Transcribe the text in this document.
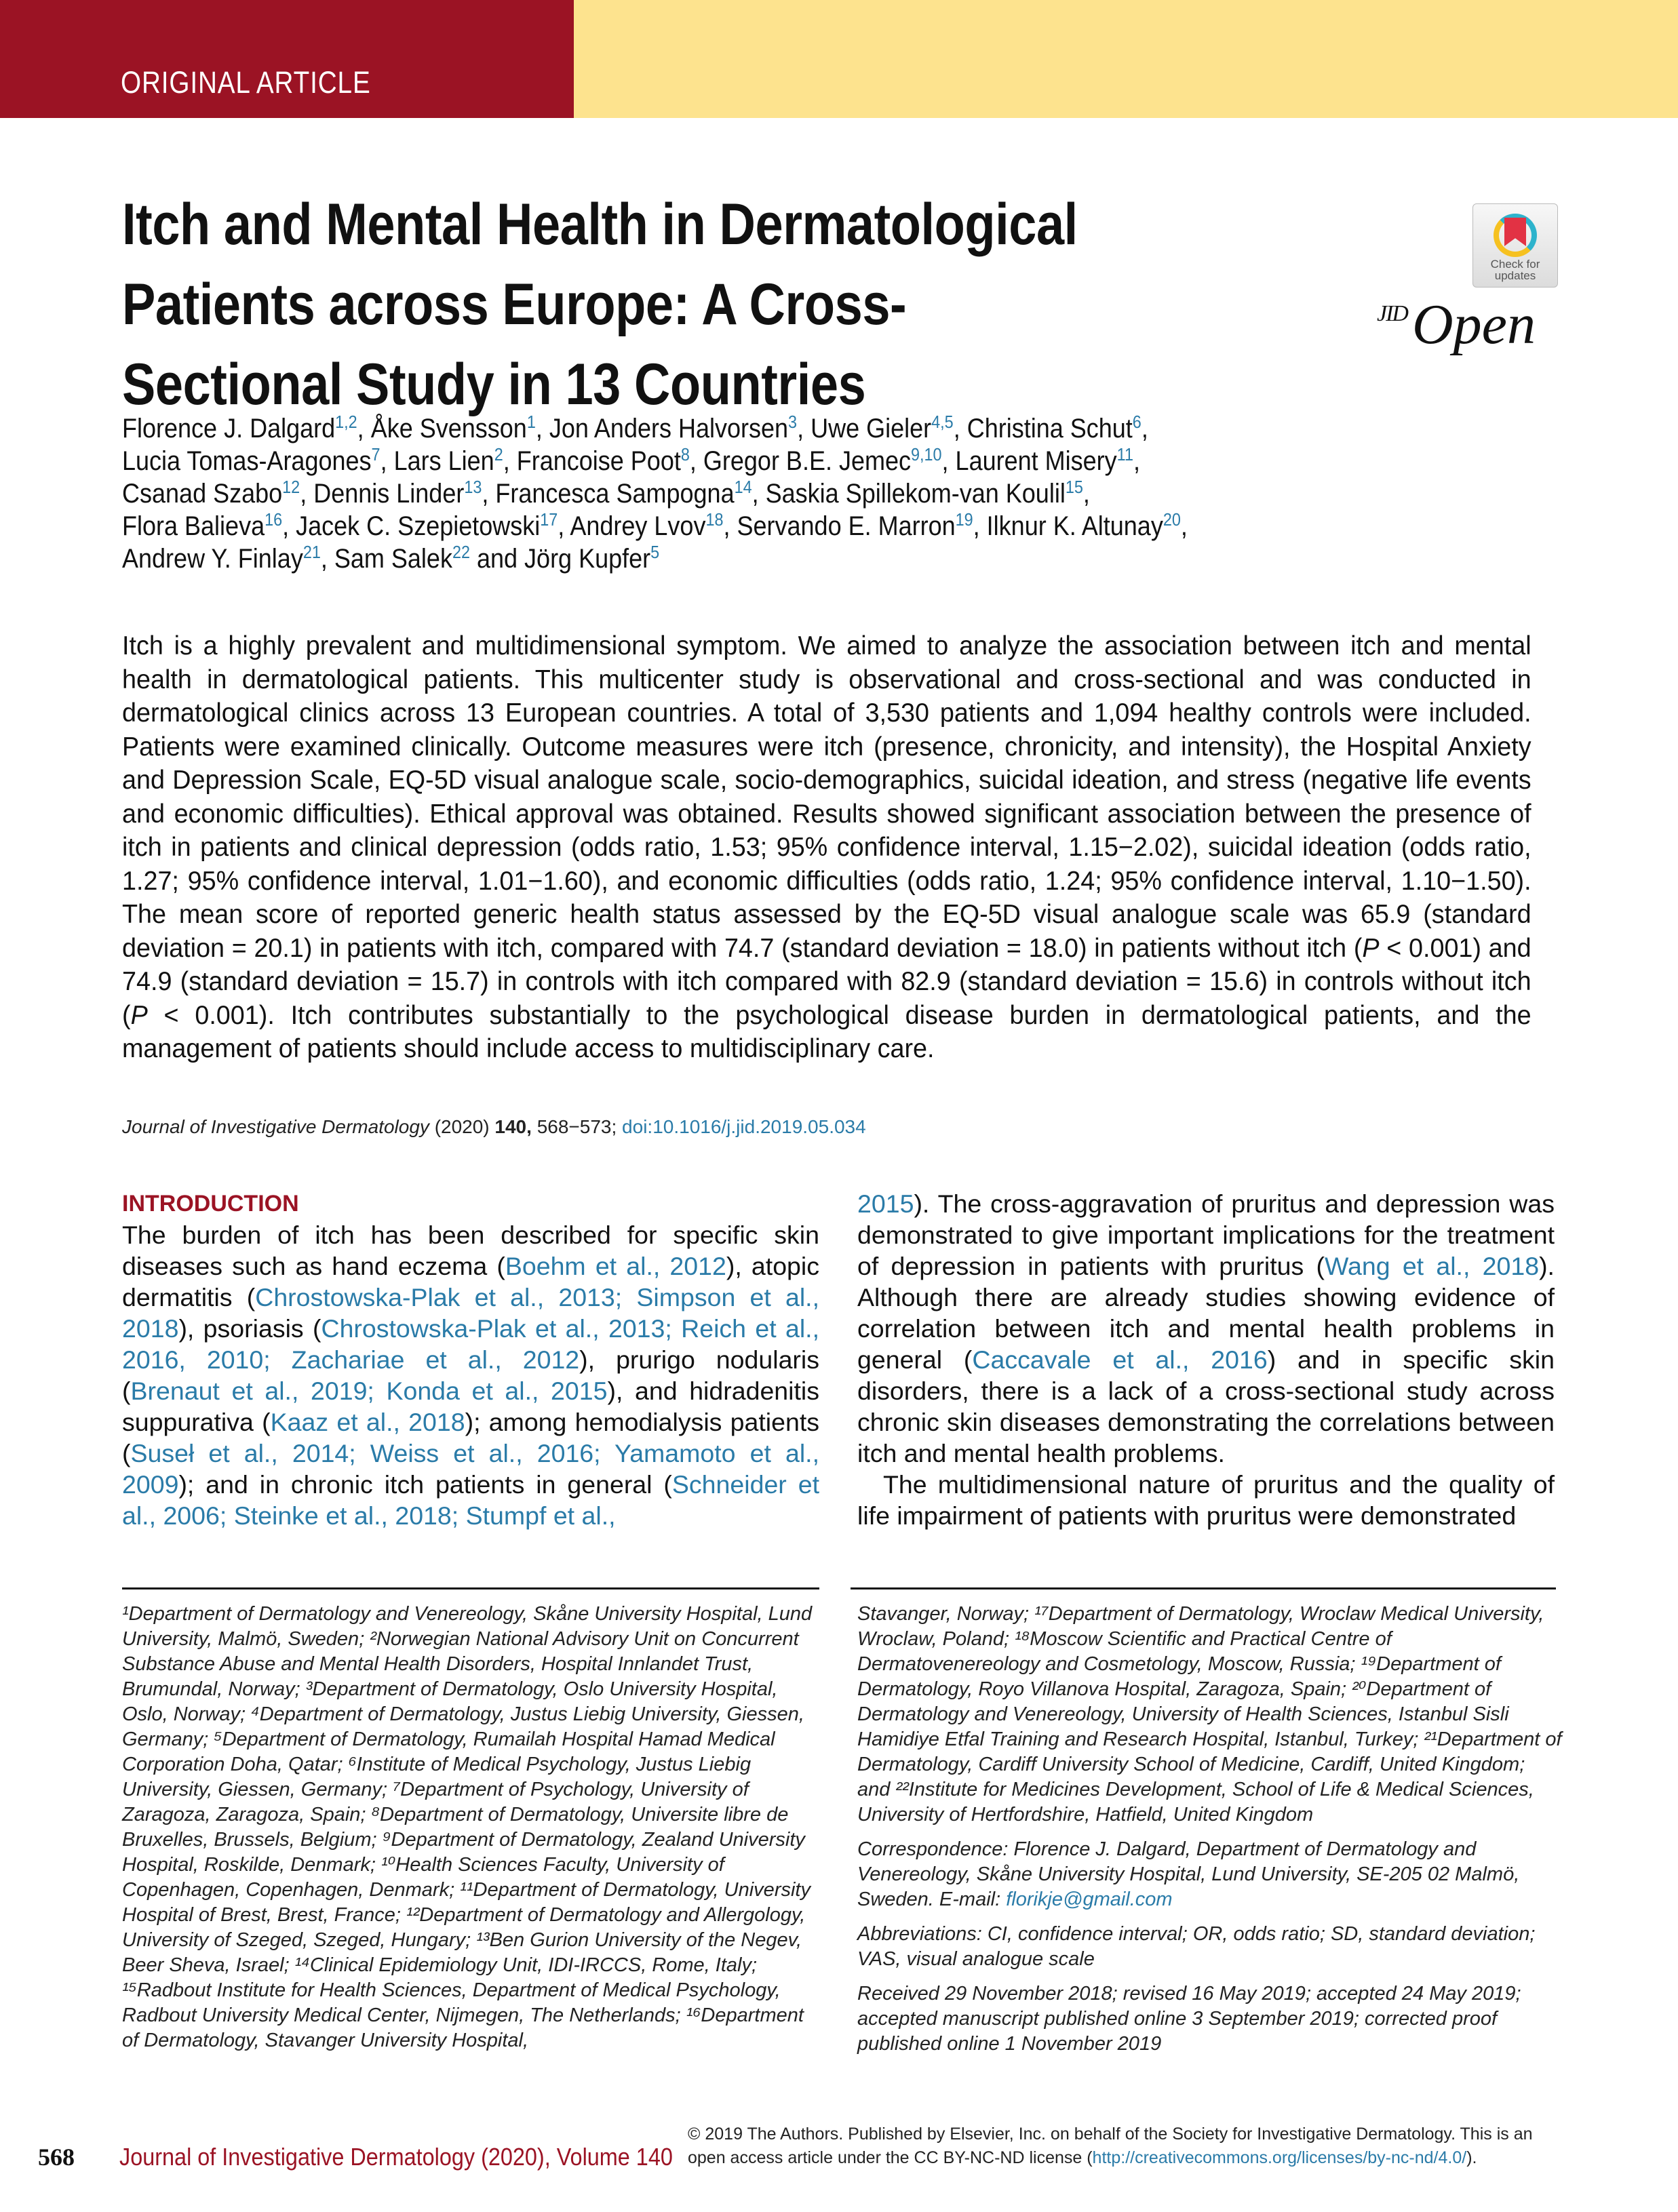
ORIGINAL ARTICLE
Itch and Mental Health in Dermatological Patients across Europe: A Cross-Sectional Study in 13 Countries
Check for
updates
JID Open
Florence J. Dalgard$^{1,2}$, Åke Svensson$^1$, Jon Anders Halvorsen$^3$, Uwe Gieler$^{4,5}$, Christina Schut$^6$,
Lucia Tomas-Aragones$^7$, Lars Lien$^2$, Francoise Poot$^8$, Gregor B.E. Jemec$^{9,10}$, Laurent Misery$^{11}$,
Csanad Szabo$^{12}$, Dennis Linder$^{13}$, Francesca Sampogna$^{14}$, Saskia Spillekom-van Koulil$^{15}$,
Flora Balieva$^{16}$, Jacek C. Szepietowski$^{17}$, Andrey Lvov$^{18}$, Servando E. Marron$^{19}$, Ilknur K. Altunay$^{20}$,
Andrew Y. Finlay$^{21}$, Sam Salek$^{22}$ and Jörg Kupfer$^5$

Itch is a highly prevalent and multidimensional symptom. We aimed to analyze the association between itch and mental health in dermatological patients. This multicenter study is observational and cross-sectional and was conducted in dermatological clinics across 13 European countries. A total of 3,530 patients and 1,094 healthy controls were included. Patients were examined clinically. Outcome measures were itch (presence, chronicity, and intensity), the Hospital Anxiety and Depression Scale, EQ-5D visual analogue scale, socio-demographics, suicidal ideation, and stress (negative life events and economic difficulties). Ethical approval was obtained. Results showed significant association between the presence of itch in patients and clinical depression (odds ratio, 1.53; 95% confidence interval, 1.15−2.02), suicidal ideation (odds ratio, 1.27; 95% confidence interval, 1.01−1.60), and economic difficulties (odds ratio, 1.24; 95% confidence interval, 1.10−1.50). The mean score of reported generic health status assessed by the EQ-5D visual analogue scale was 65.9 (standard deviation = 20.1) in patients with itch, compared with 74.7 (standard deviation = 18.0) in patients without itch (P < 0.001) and 74.9 (standard deviation = 15.7) in controls with itch compared with 82.9 (standard deviation = 15.6) in controls without itch (P < 0.001). Itch contributes substantially to the psychological disease burden in dermatological patients, and the management of patients should include access to multidisciplinary care.

Journal of Investigative Dermatology (2020) 140, 568−573; doi:10.1016/j.jid.2019.05.034
INTRODUCTION

The burden of itch has been described for specific skin diseases such as hand eczema (Boehm et al., 2012), atopic dermatitis (Chrostowska-Plak et al., 2013; Simpson et al., 2018), psoriasis (Chrostowska-Plak et al., 2013; Reich et al., 2016, 2010; Zachariae et al., 2012), prurigo nodularis (Brenaut et al., 2019; Konda et al., 2015), and hidradenitis suppurativa (Kaaz et al., 2018); among hemodialysis patients (Suseł et al., 2014; Weiss et al., 2016; Yamamoto et al., 2009); and in chronic itch patients in general (Schneider et al., 2006; Steinke et al., 2018; Stumpf et al.,

2015). The cross-aggravation of pruritus and depression was demonstrated to give important implications for the treatment of depression in patients with pruritus (Wang et al., 2018). Although there are already studies showing evidence of correlation between itch and mental health problems in general (Caccavale et al., 2016) and in specific skin disorders, there is a lack of a cross-sectional study across chronic skin diseases demonstrating the correlations between itch and mental health problems.

The multidimensional nature of pruritus and the quality of life impairment of patients with pruritus were demonstrated

¹Department of Dermatology and Venereology, Skåne University Hospital, Lund University, Malmö, Sweden; ²Norwegian National Advisory Unit on Concurrent Substance Abuse and Mental Health Disorders, Hospital Innlandet Trust, Brumundal, Norway; ³Department of Dermatology, Oslo University Hospital, Oslo, Norway; ⁴Department of Dermatology, Justus Liebig University, Giessen, Germany; ⁵Department of Dermatology, Rumailah Hospital Hamad Medical Corporation Doha, Qatar; ⁶Institute of Medical Psychology, Justus Liebig University, Giessen, Germany; ⁷Department of Psychology, University of Zaragoza, Zaragoza, Spain; ⁸Department of Dermatology, Universite libre de Bruxelles, Brussels, Belgium; ⁹Department of Dermatology, Zealand University Hospital, Roskilde, Denmark; ¹⁰Health Sciences Faculty, University of Copenhagen, Copenhagen, Denmark; ¹¹Department of Dermatology, University Hospital of Brest, Brest, France; ¹²Department of Dermatology and Allergology, University of Szeged, Szeged, Hungary; ¹³Ben Gurion University of the Negev, Beer Sheva, Israel; ¹⁴Clinical Epidemiology Unit, IDI-IRCCS, Rome, Italy; ¹⁵Radbout Institute for Health Sciences, Department of Medical Psychology, Radbout University Medical Center, Nijmegen, The Netherlands; ¹⁶Department of Dermatology, Stavanger University Hospital,

Stavanger, Norway; ¹⁷Department of Dermatology, Wroclaw Medical University, Wroclaw, Poland; ¹⁸Moscow Scientific and Practical Centre of Dermatovenereology and Cosmetology, Moscow, Russia; ¹⁹Department of Dermatology, Royo Villanova Hospital, Zaragoza, Spain; ²⁰Department of Dermatology and Venereology, University of Health Sciences, Istanbul Sisli Hamidiye Etfal Training and Research Hospital, Istanbul, Turkey; ²¹Department of Dermatology, Cardiff University School of Medicine, Cardiff, United Kingdom; and ²²Institute for Medicines Development, School of Life & Medical Sciences, University of Hertfordshire, Hatfield, United Kingdom

Correspondence: Florence J. Dalgard, Department of Dermatology and Venereology, Skåne University Hospital, Lund University, SE-205 02 Malmö, Sweden. E-mail: florikje@gmail.com

Abbreviations: CI, confidence interval; OR, odds ratio; SD, standard deviation; VAS, visual analogue scale

Received 29 November 2018; revised 16 May 2019; accepted 24 May 2019; accepted manuscript published online 3 September 2019; corrected proof published online 1 November 2019

568 Journal of Investigative Dermatology (2020), Volume 140
© 2019 The Authors. Published by Elsevier, Inc. on behalf of the Society for Investigative Dermatology. This is an open access article under the CC BY-NC-ND license (http://creativecommons.org/licenses/by-nc-nd/4.0/).
